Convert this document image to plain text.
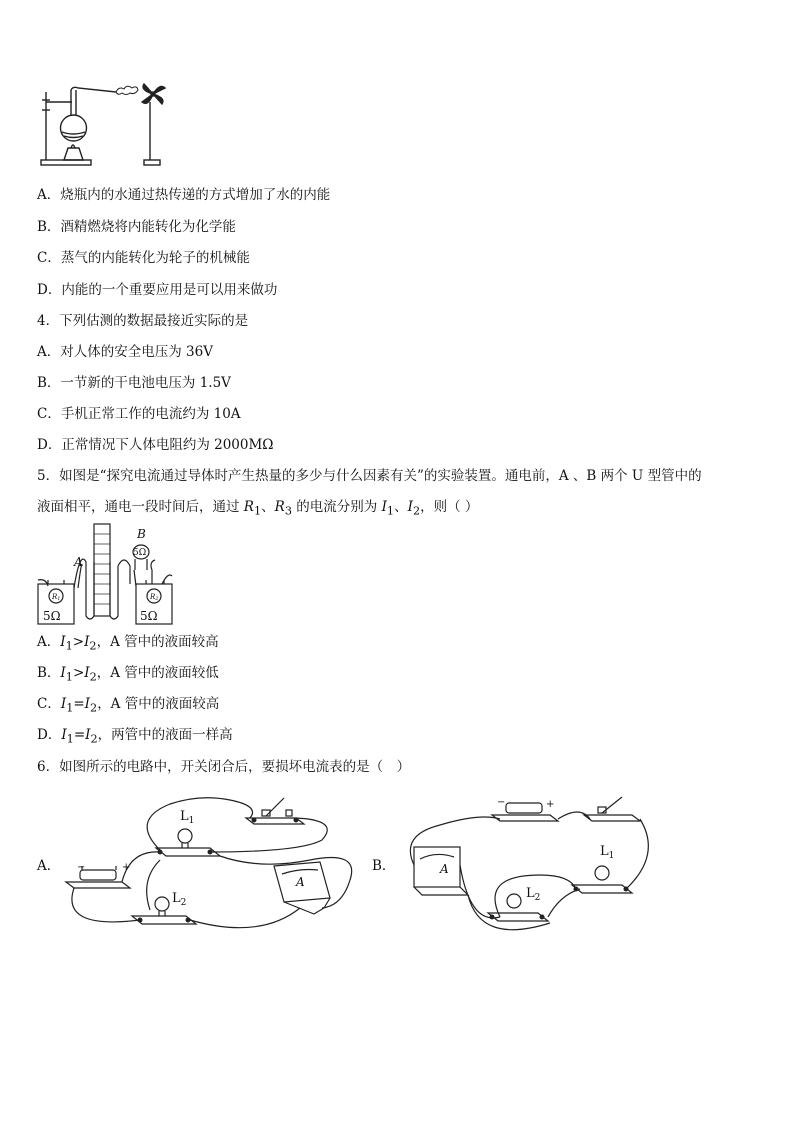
A．烧瓶内的水通过热传递的方式增加了水的内能
B．酒精燃烧将内能转化为化学能
C．蒸气的内能转化为轮子的机械能
D．内能的一个重要应用是可以用来做功
4．下列估测的数据最接近实际的是
A．对人体的安全电压为 36V
B．一节新的干电池电压为 1.5V
C．手机正常工作的电流约为 10A
D．正常情况下人体电阻约为 2000MΩ
5．如图是“探究电流通过导体时产生热量的多少与什么因素有关”的实验装置。通电前，A 、B 两个 U 型管中的
液面相平，通电一段时间后，通过 $R_1$、$R_3$ 的电流分别为 $I_1$、$I_2$，则（ ）
A
B
5Ω
5Ω	5Ω
R1	R2
A．$I_1>I_2$，A 管中的液面较高
B．$I_1>I_2$，A 管中的液面较低
C．$I_1=I_2$，A 管中的液面较高
D．$I_1=I_2$，两管中的液面一样高
6．如图所示的电路中，开关闭合后，要损坏电流表的是（　）
A． −	+
A
$L_1$
$L_2$
B．
−	+
A
$L_1$
$L_2$
